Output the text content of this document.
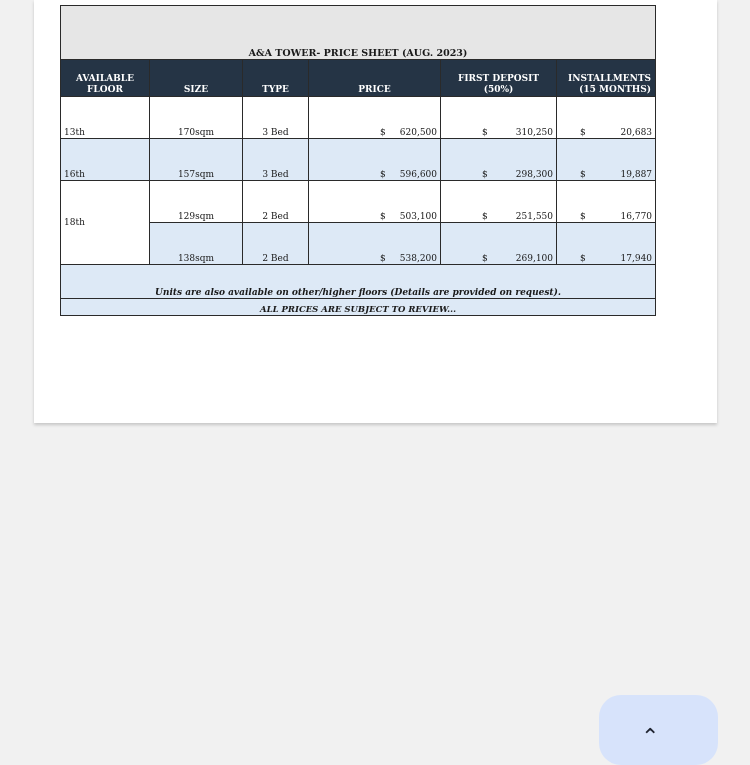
A&A TOWER- PRICE SHEET (AUG. 2023)					
AVAILABLE FLOOR	SIZE	TYPE	PRICE	FIRST DEPOSIT (50%)	INSTALLMENTS (15 MONTHS)
13th	170sqm	3 Bed	$ 620,500	$ 310,250	$ 20,683

16th	157sqm	3 Bed	$ 596,600	$ 298,300	$ 19,887

18th	129sqm	2 Bed	$ 503,100	$ 251,550	$ 16,770

	138sqm	2 Bed	$ 538,200	$ 269,100	$ 17,940

Units are also available on other/higher floors (Details are provided on request).					
ALL PRICES ARE SUBJECT TO REVIEW...					
⌃
